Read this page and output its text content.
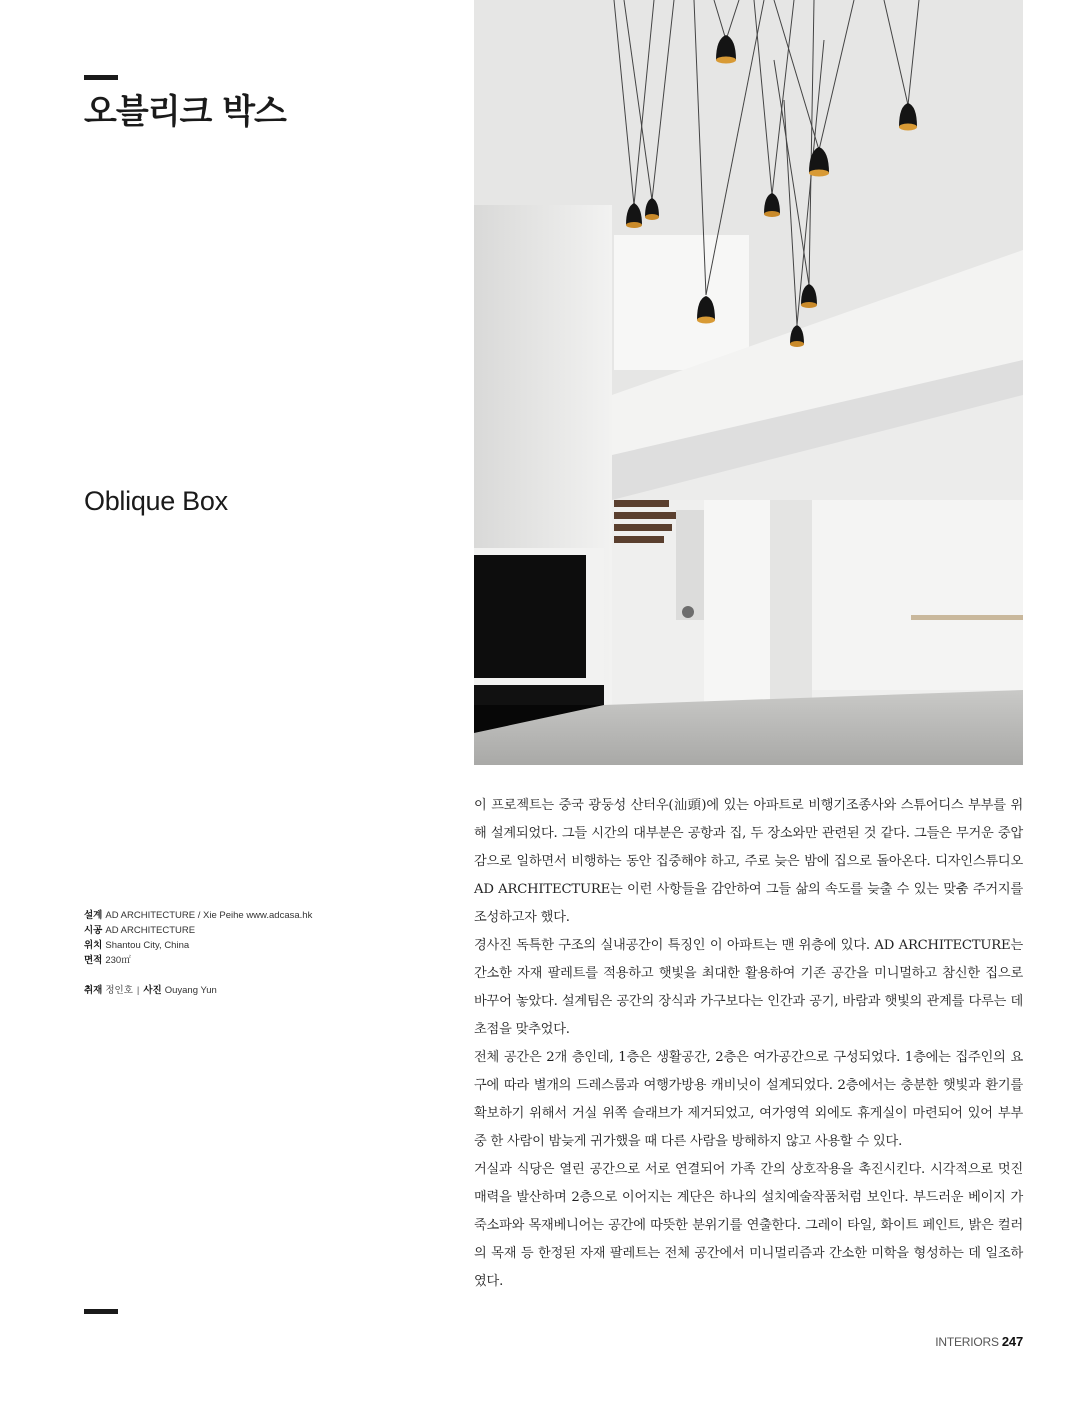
오블리크 박스
Oblique Box
설계 AD ARCHITECTURE / Xie Peihe www.adcasa.hk
시공 AD ARCHITECTURE
위치 Shantou City, China
면적 230㎡
취재 정인호 | 사진 Ouyang Yun

이 프로젝트는 중국 광둥성 산터우(汕頭)에 있는 아파트로 비행기조종사와 스튜어디스 부부를 위해 설계되었다. 그들 시간의 대부분은 공항과 집, 두 장소와만 관련된 것 같다. 그들은 무거운 중압감으로 일하면서 비행하는 동안 집중해야 하고, 주로 늦은 밤에 집으로 돌아온다. 디자인스튜디오 AD ARCHITECTURE는 이런 사항들을 감안하여 그들 삶의 속도를 늦출 수 있는 맞춤 주거지를 조성하고자 했다.

경사진 독특한 구조의 실내공간이 특징인 이 아파트는 맨 위층에 있다. AD ARCHITECTURE는 간소한 자재 팔레트를 적용하고 햇빛을 최대한 활용하여 기존 공간을 미니멀하고 참신한 집으로 바꾸어 놓았다. 설계팀은 공간의 장식과 가구보다는 인간과 공기, 바람과 햇빛의 관계를 다루는 데 초점을 맞추었다.

전체 공간은 2개 층인데, 1층은 생활공간, 2층은 여가공간으로 구성되었다. 1층에는 집주인의 요구에 따라 별개의 드레스룸과 여행가방용 캐비닛이 설계되었다. 2층에서는 충분한 햇빛과 환기를 확보하기 위해서 거실 위쪽 슬래브가 제거되었고, 여가영역 외에도 휴게실이 마련되어 있어 부부 중 한 사람이 밤늦게 귀가했을 때 다른 사람을 방해하지 않고 사용할 수 있다.

거실과 식당은 열린 공간으로 서로 연결되어 가족 간의 상호작용을 촉진시킨다. 시각적으로 멋진 매력을 발산하며 2층으로 이어지는 계단은 하나의 설치예술작품처럼 보인다. 부드러운 베이지 가죽소파와 목재베니어는 공간에 따뜻한 분위기를 연출한다. 그레이 타일, 화이트 페인트, 밝은 컬러의 목재 등 한정된 자재 팔레트는 전체 공간에서 미니멀리즘과 간소한 미학을 형성하는 데 일조하였다.

INTERIORS 247
